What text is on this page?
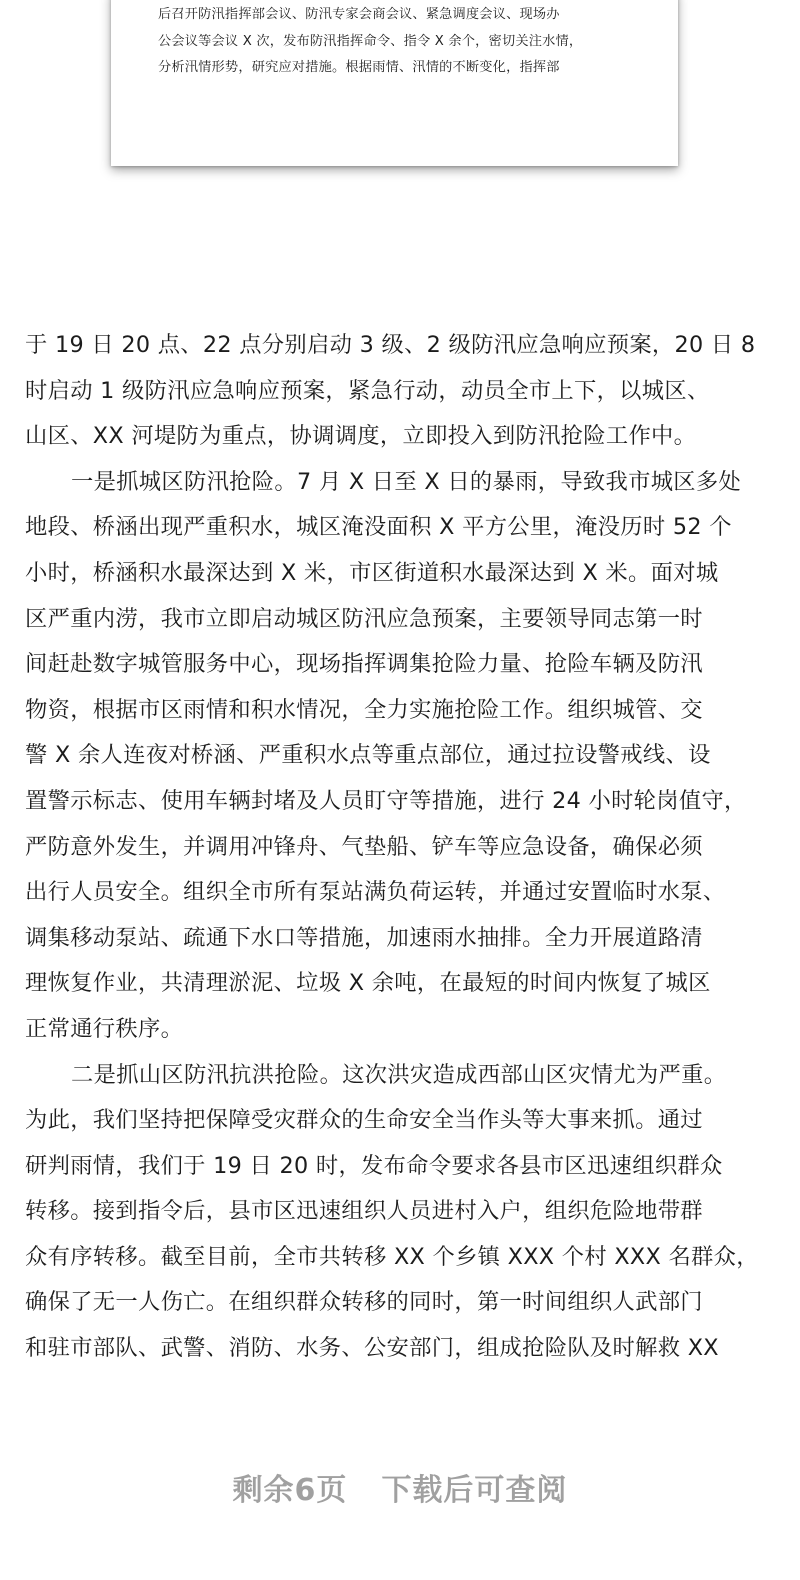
后召开防汛指挥部会议、防汛专家会商会议、紧急调度会议、现场办
公会议等会议 X 次，发布防汛指挥命令、指令 X 余个，密切关注水情，
分析汛情形势，研究应对措施。根据雨情、汛情的不断变化，指挥部
于 19 日 20 点、22 点分别启动 3 级、2 级防汛应急响应预案，20 日 8
时启动 1 级防汛应急响应预案，紧急行动，动员全市上下，以城区、
山区、XX 河堤防为重点，协调调度，立即投入到防汛抢险工作中。
一是抓城区防汛抢险。7 月 X 日至 X 日的暴雨，导致我市城区多处
地段、桥涵出现严重积水，城区淹没面积 X 平方公里，淹没历时 52 个
小时，桥涵积水最深达到 X 米，市区街道积水最深达到 X 米。面对城
区严重内涝，我市立即启动城区防汛应急预案，主要领导同志第一时
间赶赴数字城管服务中心，现场指挥调集抢险力量、抢险车辆及防汛
物资，根据市区雨情和积水情况，全力实施抢险工作。组织城管、交
警 X 余人连夜对桥涵、严重积水点等重点部位，通过拉设警戒线、设
置警示标志、使用车辆封堵及人员盯守等措施，进行 24 小时轮岗值守，
严防意外发生，并调用冲锋舟、气垫船、铲车等应急设备，确保必须
出行人员安全。组织全市所有泵站满负荷运转，并通过安置临时水泵、
调集移动泵站、疏通下水口等措施，加速雨水抽排。全力开展道路清
理恢复作业，共清理淤泥、垃圾 X 余吨，在最短的时间内恢复了城区
正常通行秩序。
二是抓山区防汛抗洪抢险。这次洪灾造成西部山区灾情尤为严重。
为此，我们坚持把保障受灾群众的生命安全当作头等大事来抓。通过
研判雨情，我们于 19 日 20 时，发布命令要求各县市区迅速组织群众
转移。接到指令后，县市区迅速组织人员进村入户，组织危险地带群
众有序转移。截至目前，全市共转移 XX 个乡镇 XXX 个村 XXX 名群众，
确保了无一人伤亡。在组织群众转移的同时，第一时间组织人武部门
和驻市部队、武警、消防、水务、公安部门，组成抢险队及时解救 XX
剩余6页 下载后可查阅
